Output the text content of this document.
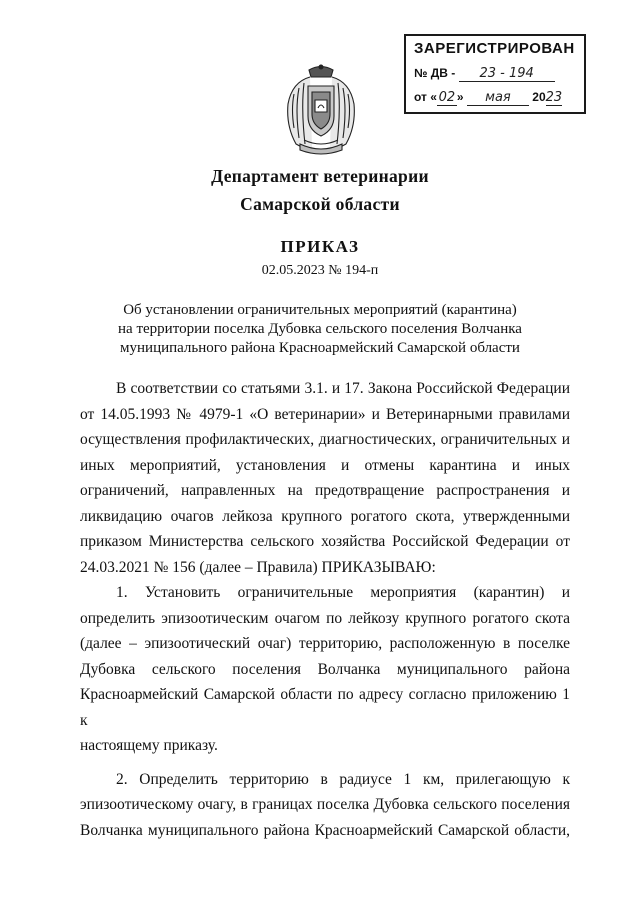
ЗАРЕГИСТРИРОВАН
№ ДВ - 23 - 194
от « 02 » мая 2023
Департамент ветеринарии
Самарской области
ПРИКАЗ
02.05.2023 № 194-п
Об установлении ограничительных мероприятий (карантина)
на территории поселка Дубовка сельского поселения Волчанка
муниципального района Красноармейский Самарской области

В соответствии со статьями 3.1. и 17. Закона Российской Федерации

от 14.05.1993 № 4979-1 «О ветеринарии» и Ветеринарными правилами

осуществления профилактических, диагностических, ограничительных и

иных мероприятий, установления и отмены карантина и иных

ограничений, направленных на предотвращение распространения и

ликвидацию очагов лейкоза крупного рогатого скота, утвержденными

приказом Министерства сельского хозяйства Российской Федерации от

24.03.2021 № 156 (далее – Правила) ПРИКАЗЫВАЮ:

1. Установить ограничительные мероприятия (карантин) и

определить эпизоотическим очагом по лейкозу крупного рогатого скота

(далее – эпизоотический очаг) территорию, расположенную в поселке

Дубовка сельского поселения Волчанка муниципального района

Красноармейский Самарской области по адресу согласно приложению 1 к

настоящему приказу.

2. Определить территорию в радиусе 1 км, прилегающую к

эпизоотическому очагу, в границах поселка Дубовка сельского поселения

Волчанка муниципального района Красноармейский Самарской области,
